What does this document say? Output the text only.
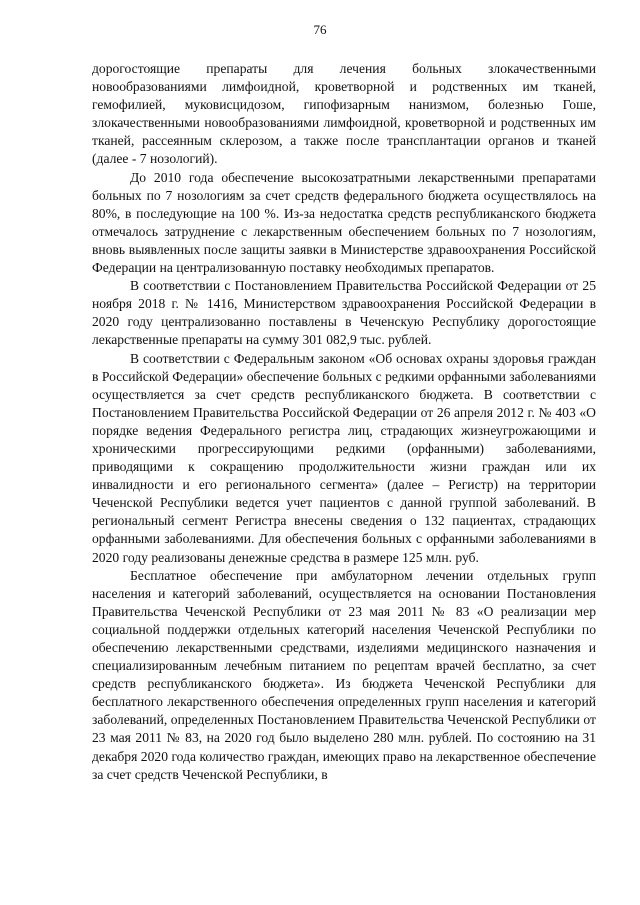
76

дорогостоящие препараты для лечения больных злокачественными новообразованиями лимфоидной, кроветворной и родственных им тканей, гемофилией, муковисцидозом, гипофизарным нанизмом, болезнью Гоше, злокачественными новообразованиями лимфоидной, кроветворной и родственных им тканей, рассеянным склерозом, а также после трансплантации органов и тканей (далее - 7 нозологий).

До 2010 года обеспечение высокозатратными лекарственными препаратами больных по 7 нозологиям за счет средств федерального бюджета осуществлялось на 80%, в последующие на 100 %. Из-за недостатка средств республиканского бюджета отмечалось затруднение с лекарственным обеспечением больных по 7 нозологиям, вновь выявленных после защиты заявки в Министерстве здравоохранения Российской Федерации на централизованную поставку необходимых препаратов.

В соответствии с Постановлением Правительства Российской Федерации от 25 ноября 2018 г. № 1416, Министерством здравоохранения Российской Федерации в 2020 году централизованно поставлены в Чеченскую Республику дорогостоящие лекарственные препараты на сумму 301 082,9 тыс. рублей.

В соответствии с Федеральным законом «Об основах охраны здоровья граждан в Российской Федерации» обеспечение больных с редкими орфанными заболеваниями осуществляется за счет средств республиканского бюджета. В соответствии с Постановлением Правительства Российской Федерации от 26 апреля 2012 г. № 403 «О порядке ведения Федерального регистра лиц, страдающих жизнеугрожающими и хроническими прогрессирующими редкими (орфанными) заболеваниями, приводящими к сокращению продолжительности жизни граждан или их инвалидности и его регионального сегмента» (далее – Регистр) на территории Чеченской Республики ведется учет пациентов с данной группой заболеваний. В региональный сегмент Регистра внесены сведения о 132 пациентах, страдающих орфанными заболеваниями. Для обеспечения больных с орфанными заболеваниями в 2020 году реализованы денежные средства в размере 125 млн. руб.

Бесплатное обеспечение при амбулаторном лечении отдельных групп населения и категорий заболеваний, осуществляется на основании Постановления Правительства Чеченской Республики от 23 мая 2011 № 83 «О реализации мер социальной поддержки отдельных категорий населения Чеченской Республики по обеспечению лекарственными средствами, изделиями медицинского назначения и специализированным лечебным питанием по рецептам врачей бесплатно, за счет средств республиканского бюджета». Из бюджета Чеченской Республики для бесплатного лекарственного обеспечения определенных групп населения и категорий заболеваний, определенных Постановлением Правительства Чеченской Республики от 23 мая 2011 № 83, на 2020 год было выделено 280 млн. рублей. По состоянию на 31 декабря 2020 года количество граждан, имеющих право на лекарственное обеспечение за счет средств Чеченской Республики, в
